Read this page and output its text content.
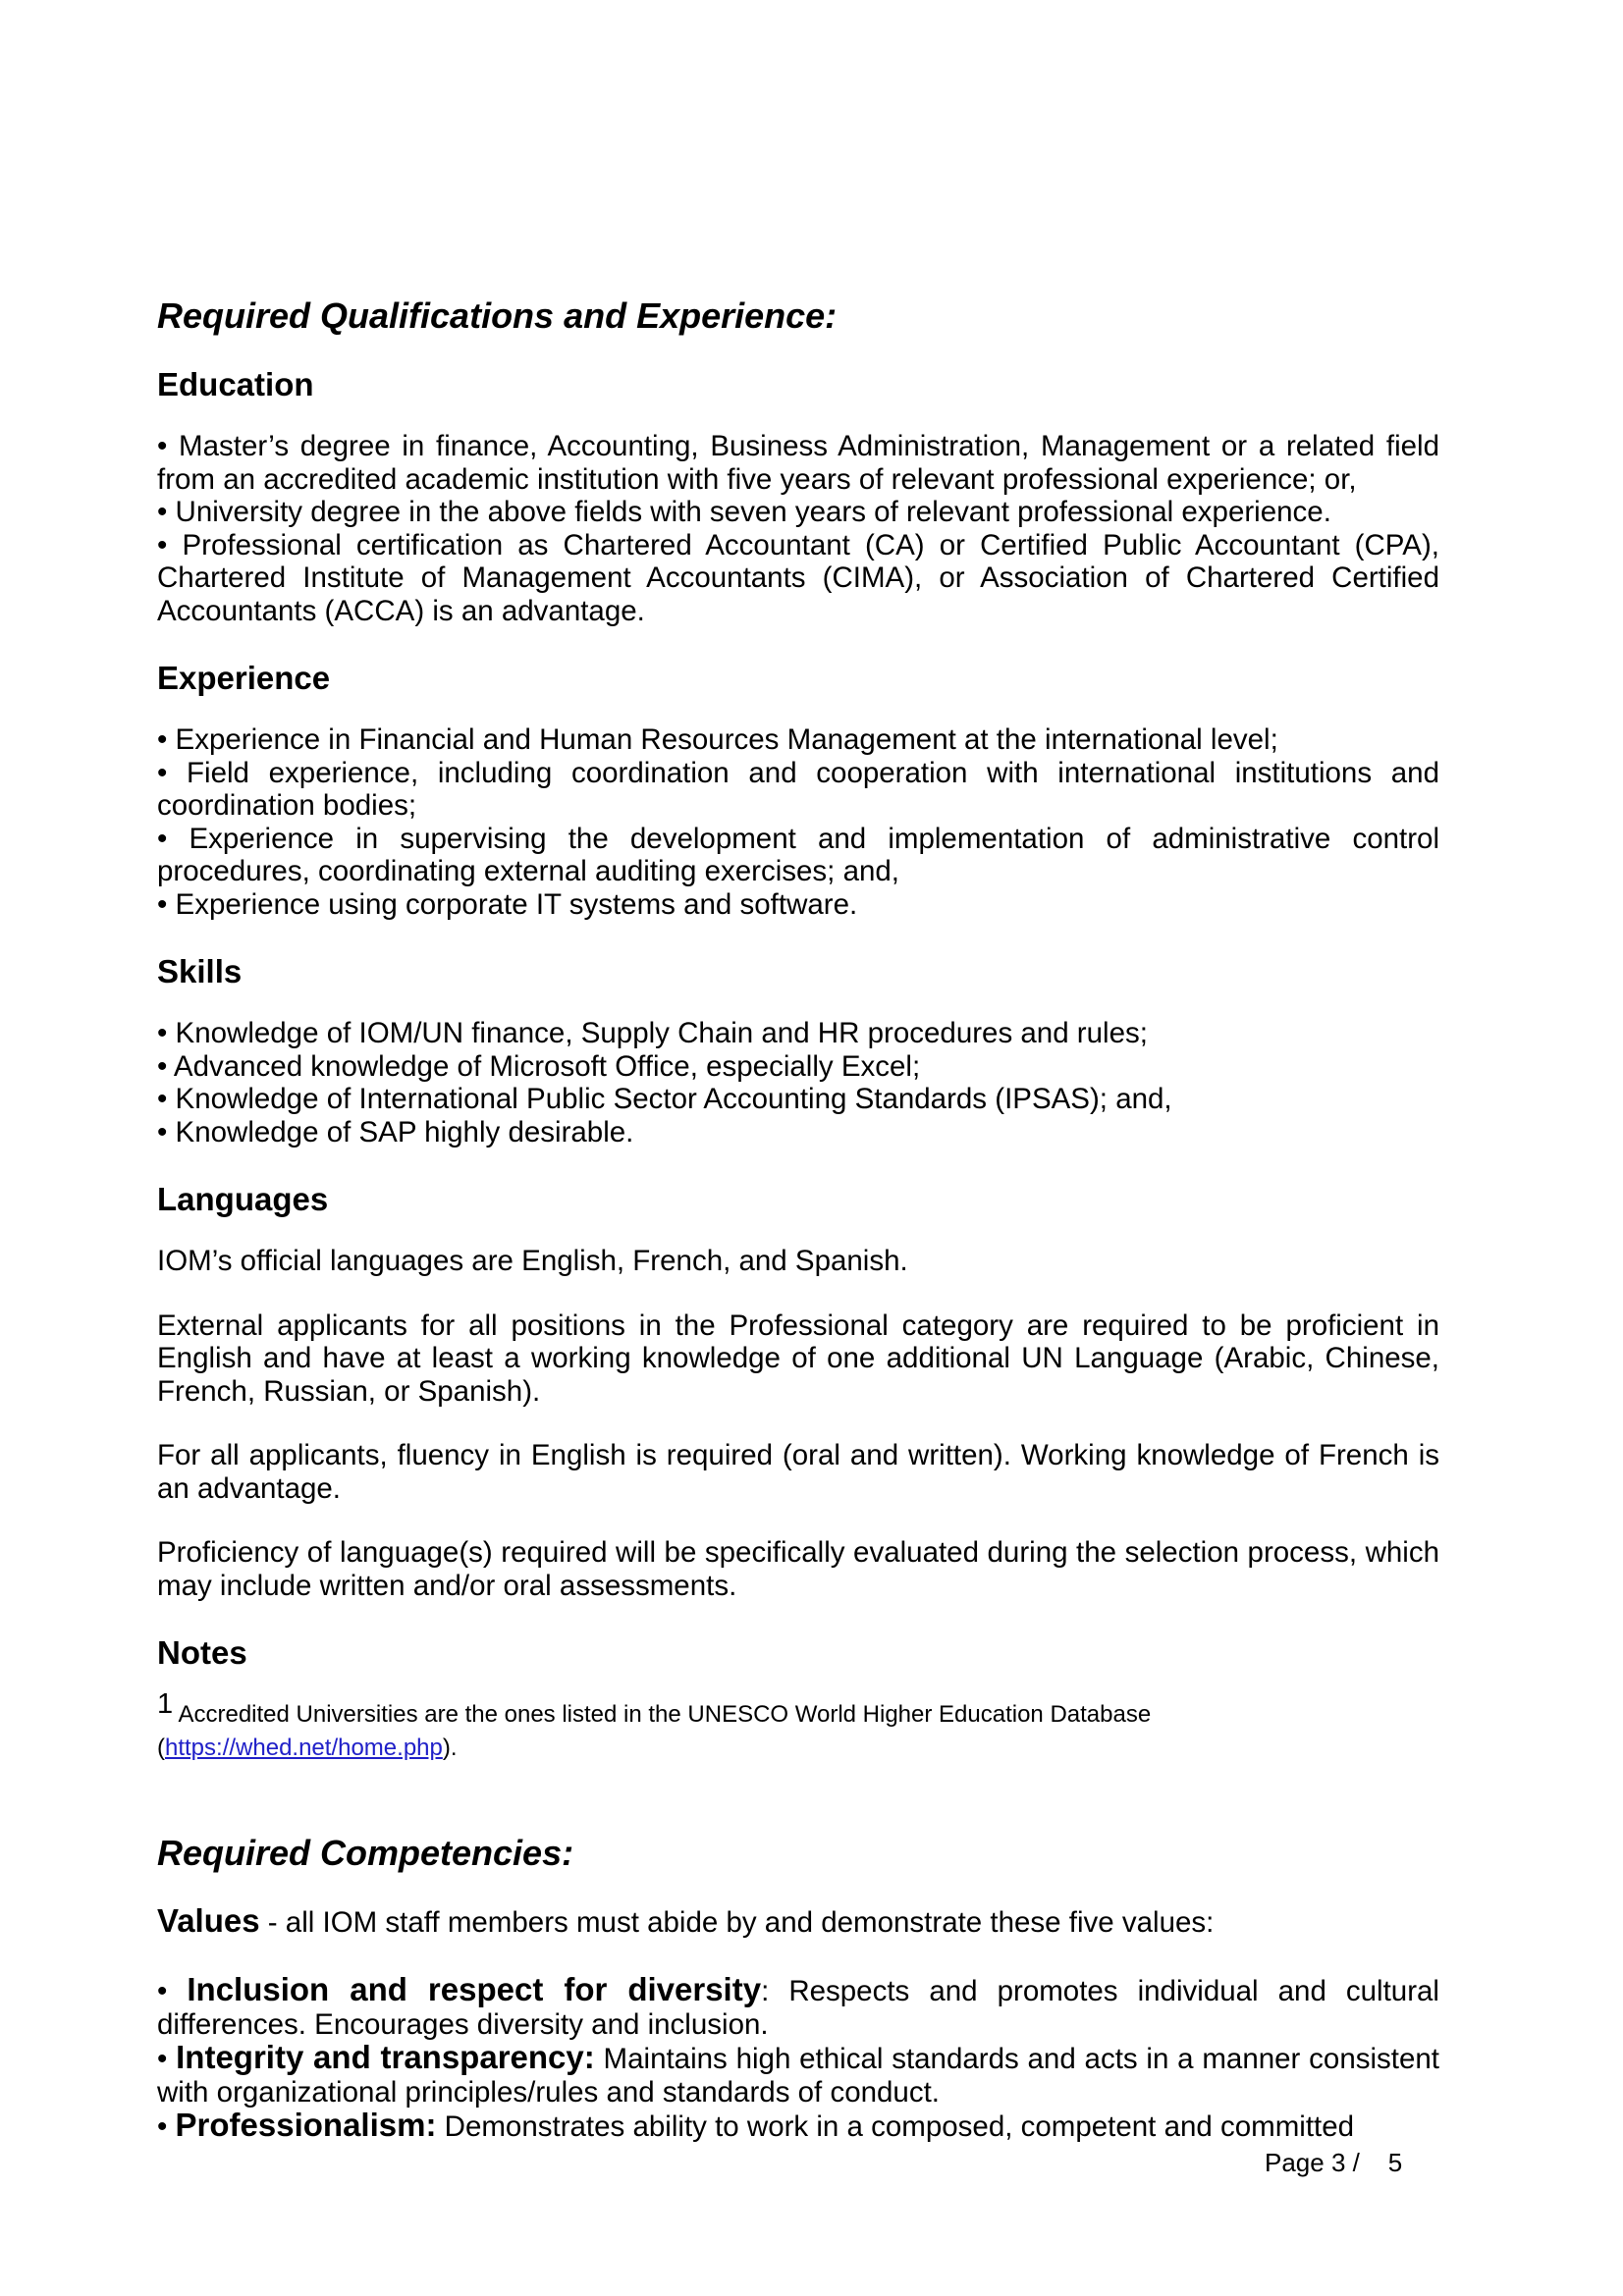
Required Qualifications and Experience:
Education
• Master’s degree in finance, Accounting, Business Administration, Management or a related field from an accredited academic institution with five years of relevant professional experience; or,
• University degree in the above fields with seven years of relevant professional experience.
• Professional certification as Chartered Accountant (CA) or Certified Public Accountant (CPA), Chartered Institute of Management Accountants (CIMA), or Association of Chartered Certified Accountants (ACCA) is an advantage.
Experience
• Experience in Financial and Human Resources Management at the international level;
• Field experience, including coordination and cooperation with international institutions and coordination bodies;
• Experience in supervising the development and implementation of administrative control procedures, coordinating external auditing exercises; and,
• Experience using corporate IT systems and software.
Skills
• Knowledge of IOM/UN finance, Supply Chain and HR procedures and rules;
• Advanced knowledge of Microsoft Office, especially Excel;
• Knowledge of International Public Sector Accounting Standards (IPSAS); and,
• Knowledge of SAP highly desirable.
Languages
IOM’s official languages are English, French, and Spanish.
External applicants for all positions in the Professional category are required to be proficient in English and have at least a working knowledge of one additional UN Language (Arabic, Chinese, French, Russian, or Spanish).
For all applicants, fluency in English is required (oral and written). Working knowledge of French is an advantage.
Proficiency of language(s) required will be specifically evaluated during the selection process, which may include written and/or oral assessments.
Notes
1 Accredited Universities are the ones listed in the UNESCO World Higher Education Database
(https://whed.net/home.php).
Required Competencies:
Values - all IOM staff members must abide by and demonstrate these five values:
• Inclusion and respect for diversity: Respects and promotes individual and cultural differences. Encourages diversity and inclusion.
• Integrity and transparency: Maintains high ethical standards and acts in a manner consistent with organizational principles/rules and standards of conduct.
• Professionalism: Demonstrates ability to work in a composed, competent and committed
Page 3 /    5
